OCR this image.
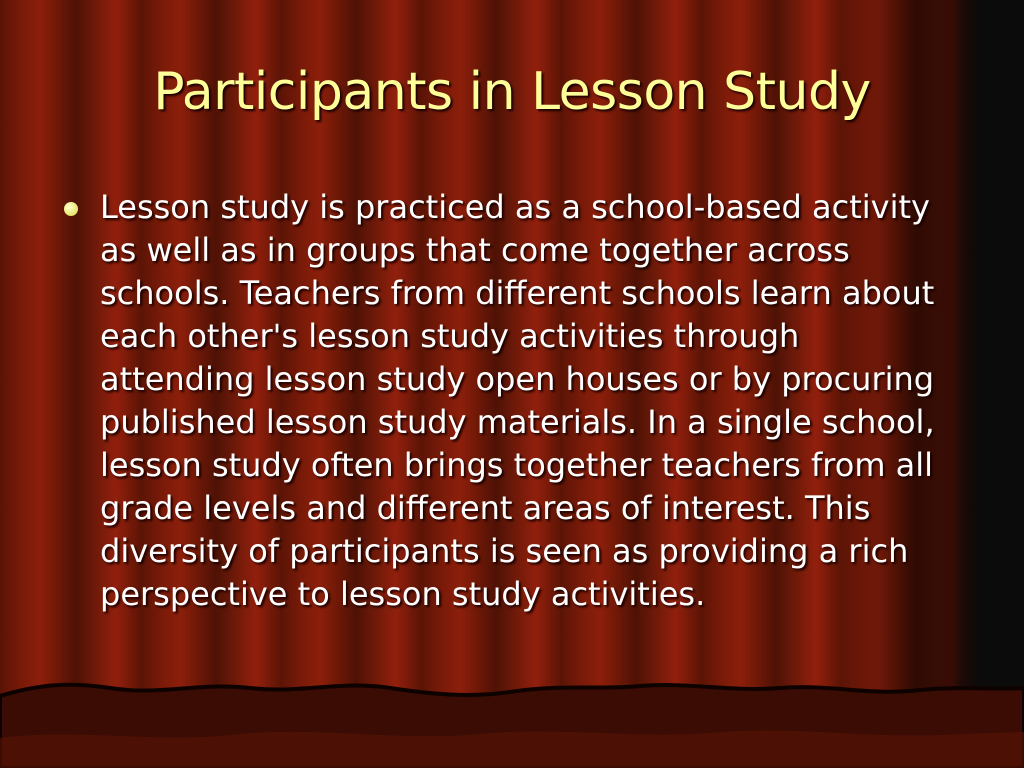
Participants in Lesson Study
Lesson study is practiced as a school-based activity as well as in groups that come together across schools. Teachers from different schools learn about each other's lesson study activities through attending lesson study open houses or by procuring published lesson study materials. In a single school, lesson study often brings together teachers from all grade levels and different areas of interest. This diversity of participants is seen as providing a rich perspective to lesson study activities.
